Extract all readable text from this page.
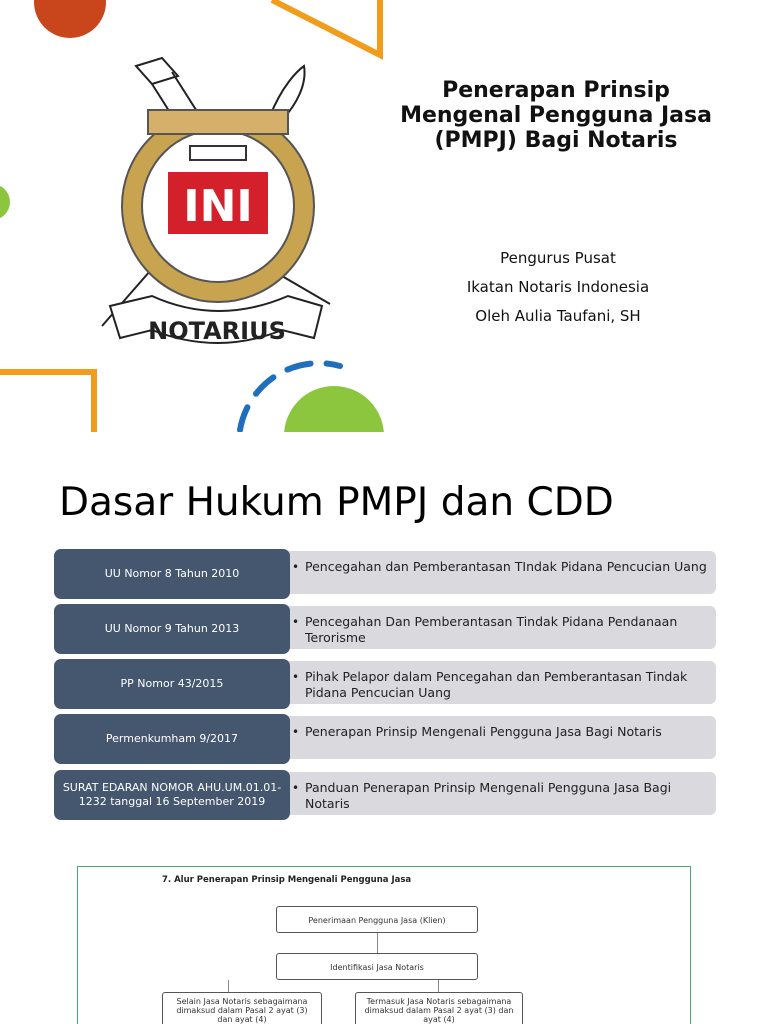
INI
NOTARIUS
Penerapan Prinsip Mengenal Pengguna Jasa (PMPJ) Bagi Notaris
Pengurus Pusat
Ikatan Notaris Indonesia
Oleh Aulia Taufani, SH
Dasar Hukum PMPJ dan CDD
• Pencegahan dan Pemberantasan TIndak Pidana Pencucian Uang
UU Nomor 8 Tahun 2010
• Pencegahan Dan Pemberantasan Tindak Pidana Pendanaan Terorisme
UU Nomor 9 Tahun 2013
• Pihak Pelapor dalam Pencegahan dan Pemberantasan Tindak Pidana Pencucian Uang
PP Nomor 43/2015
• Penerapan Prinsip Mengenali Pengguna Jasa Bagi Notaris
Permenkumham 9/2017
• Panduan Penerapan Prinsip Mengenali Pengguna Jasa Bagi Notaris
SURAT EDARAN NOMOR AHU.UM.01.01-1232 tanggal 16 September 2019
7. Alur Penerapan Prinsip Mengenali Pengguna Jasa
Penerimaan Pengguna Jasa (Klien)
Identifikasi Jasa Notaris
Selain Jasa Notaris sebagaimana dimaksud dalam Pasal 2 ayat (3) dan ayat (4)
Termasuk Jasa Notaris sebagaimana dimaksud dalam Pasal 2 ayat (3) dan ayat (4)
